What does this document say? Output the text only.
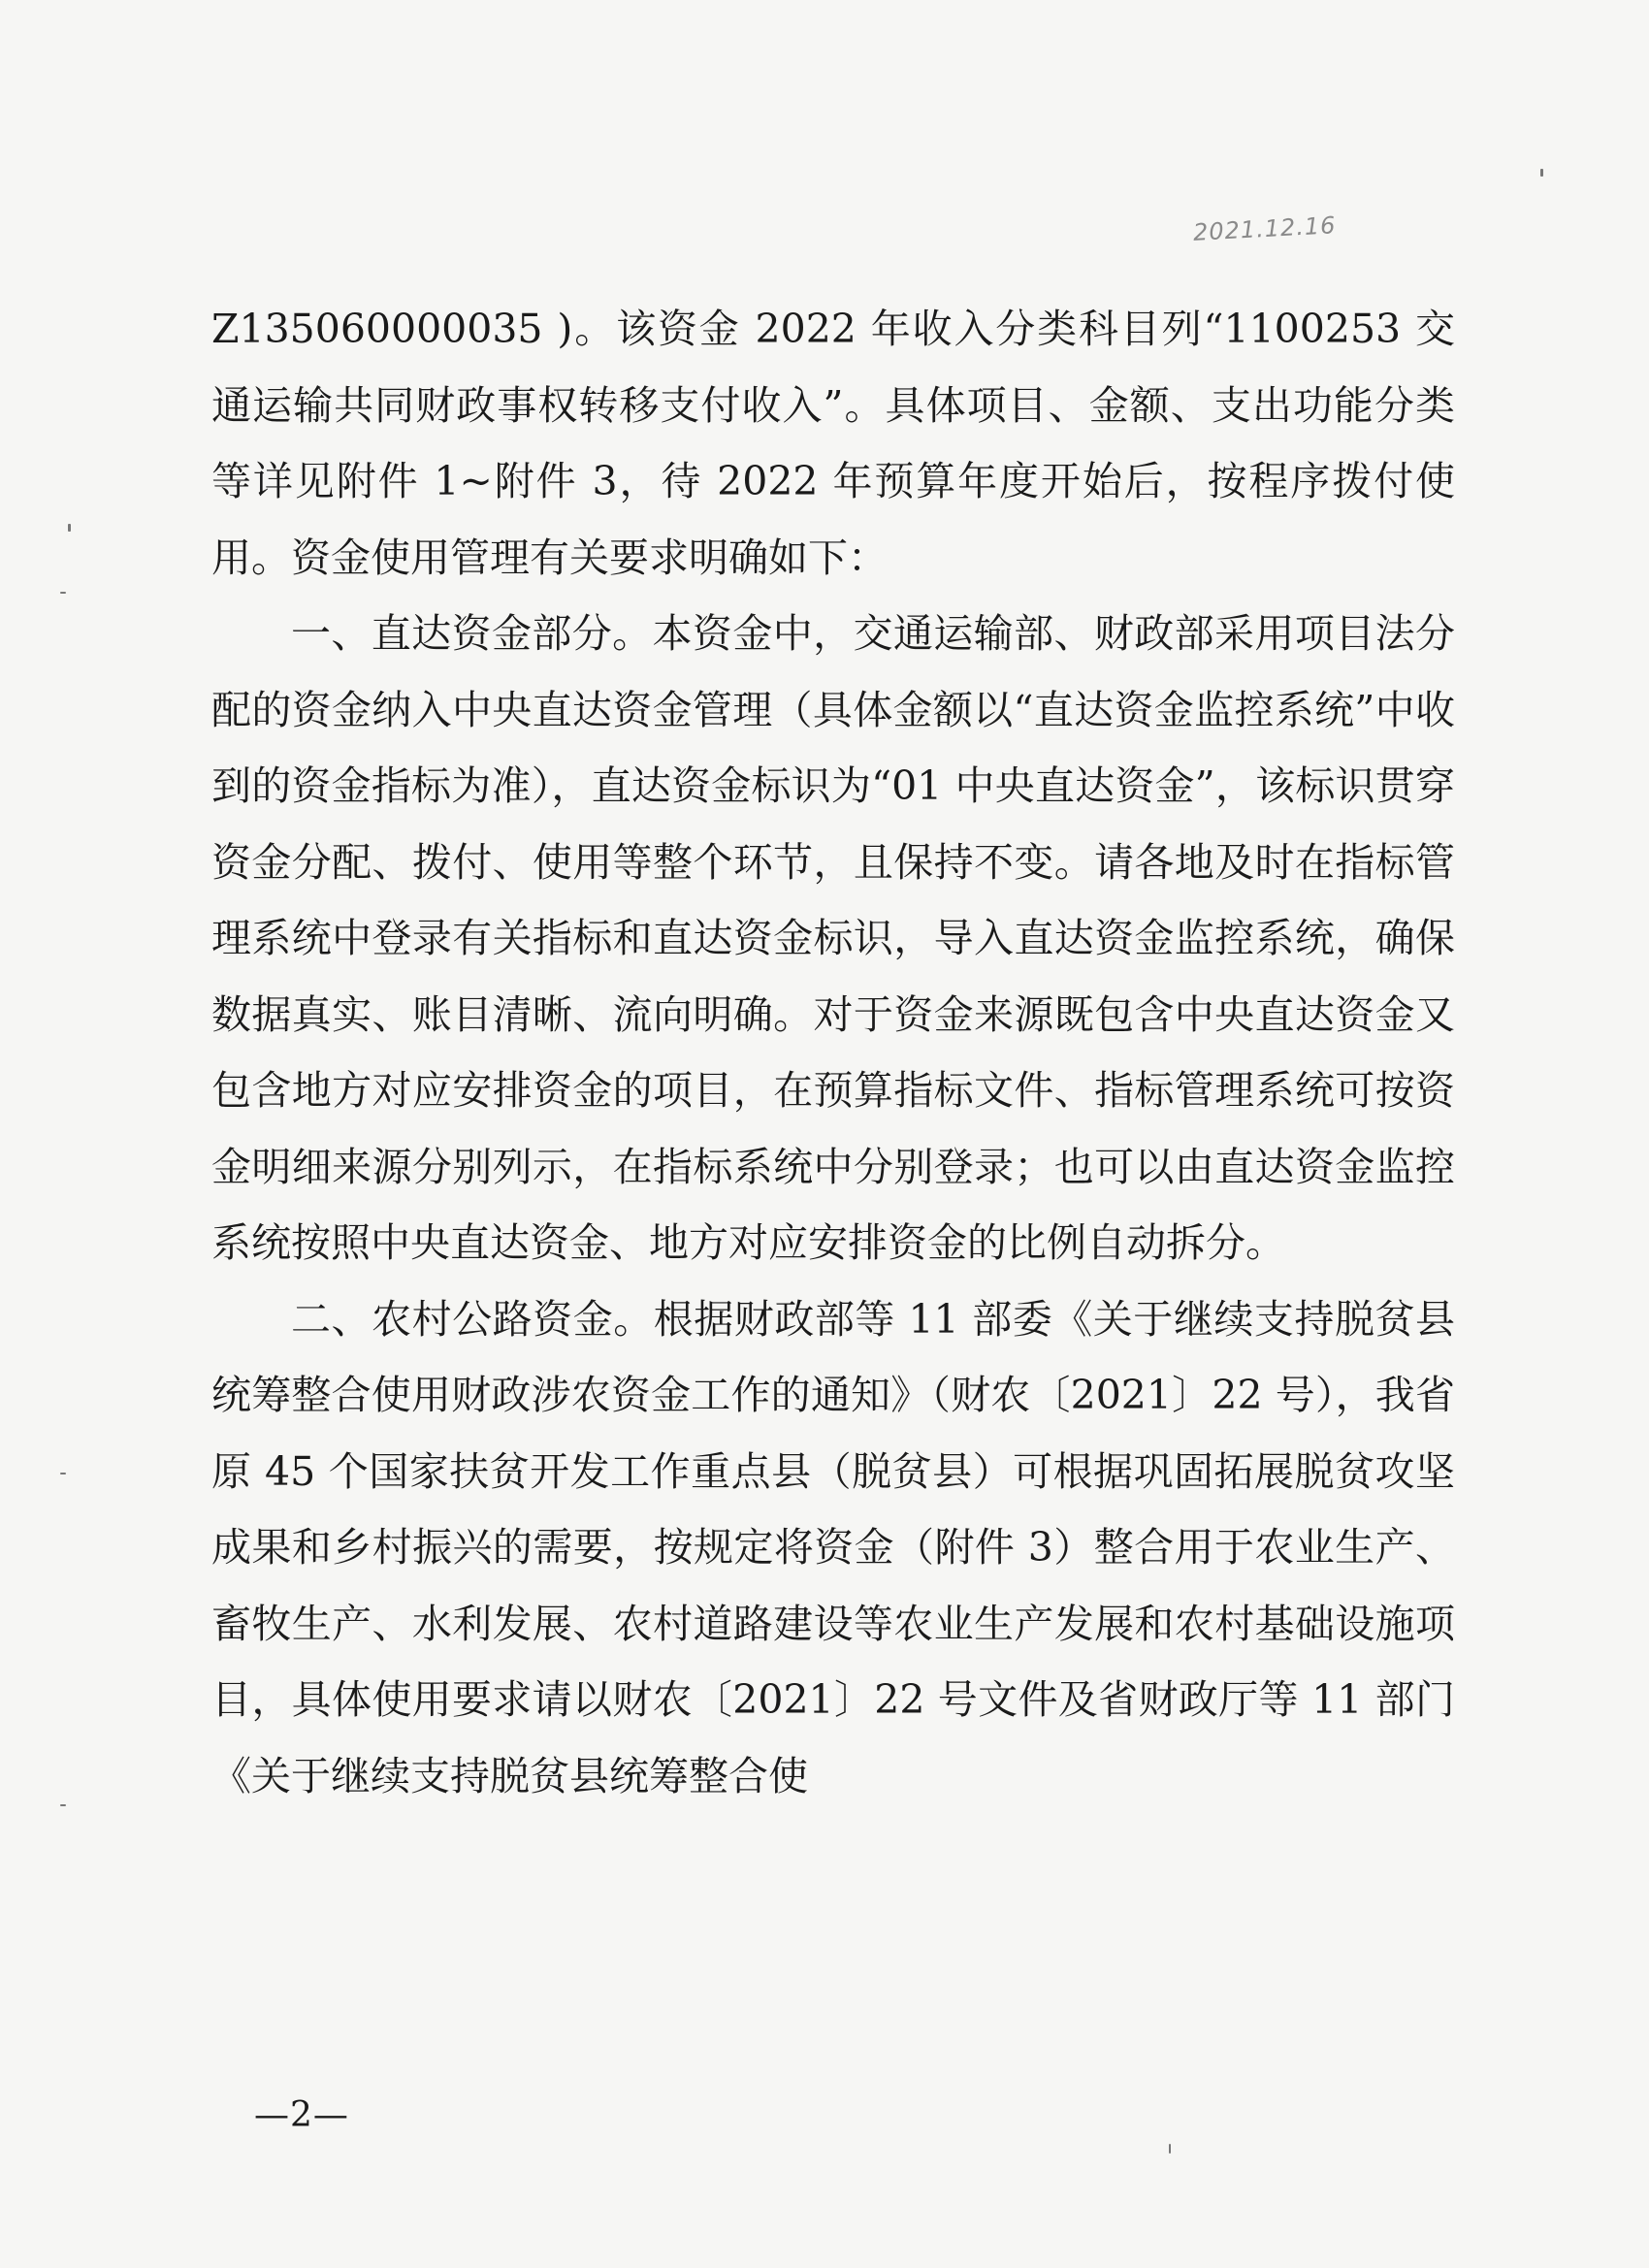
2021.12.16

Z135060000035 )。该资金 2022 年收入分类科目列“1100253 交通运输共同财政事权转移支付收入”。具体项目、金额、支出功能分类等详见附件 1~附件 3，待 2022 年预算年度开始后，按程序拨付使用。资金使用管理有关要求明确如下：

一、直达资金部分。本资金中，交通运输部、财政部采用项目法分配的资金纳入中央直达资金管理（具体金额以“直达资金监控系统”中收到的资金指标为准），直达资金标识为“01 中央直达资金”，该标识贯穿资金分配、拨付、使用等整个环节，且保持不变。请各地及时在指标管理系统中登录有关指标和直达资金标识，导入直达资金监控系统，确保数据真实、账目清晰、流向明确。对于资金来源既包含中央直达资金又包含地方对应安排资金的项目，在预算指标文件、指标管理系统可按资金明细来源分别列示，在指标系统中分别登录；也可以由直达资金监控系统按照中央直达资金、地方对应安排资金的比例自动拆分。

二、农村公路资金。根据财政部等 11 部委《关于继续支持脱贫县统筹整合使用财政涉农资金工作的通知》（财农〔2021〕22 号），我省原 45 个国家扶贫开发工作重点县（脱贫县）可根据巩固拓展脱贫攻坚成果和乡村振兴的需要，按规定将资金（附件 3）整合用于农业生产、畜牧生产、水利发展、农村道路建设等农业生产发展和农村基础设施项目，具体使用要求请以财农〔2021〕22 号文件及省财政厅等 11 部门《关于继续支持脱贫县统筹整合使

—2—
